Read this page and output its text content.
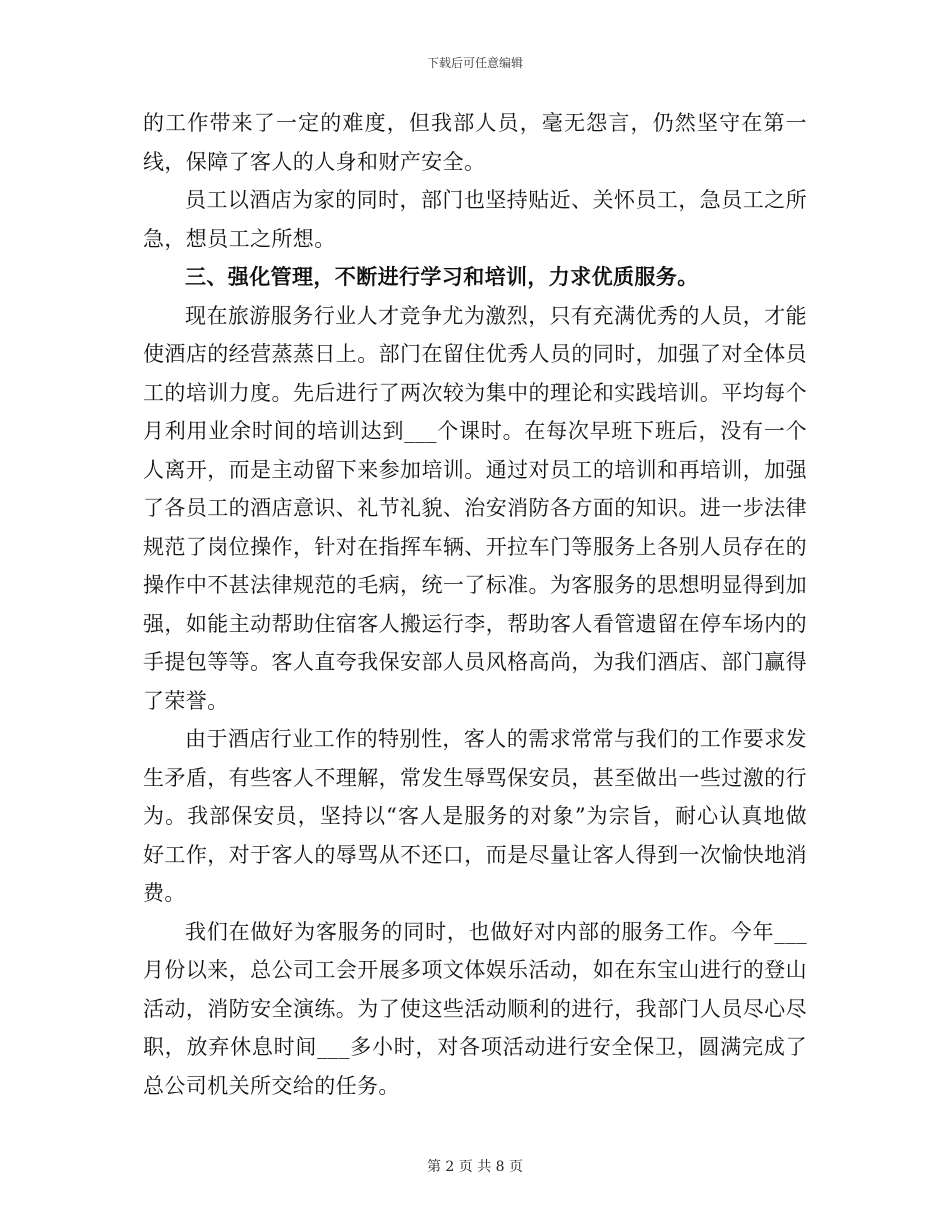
下载后可任意编辑

的工作带来了一定的难度，但我部人员，毫无怨言，仍然坚守在第一线，保障了客人的人身和财产安全。

员工以酒店为家的同时，部门也坚持贴近、关怀员工，急员工之所急，想员工之所想。

三、强化管理，不断进行学习和培训，力求优质服务。

现在旅游服务行业人才竞争尤为激烈，只有充满优秀的人员，才能使酒店的经营蒸蒸日上。部门在留住优秀人员的同时，加强了对全体员工的培训力度。先后进行了两次较为集中的理论和实践培训。平均每个月利用业余时间的培训达到___个课时。在每次早班下班后，没有一个人离开，而是主动留下来参加培训。通过对员工的培训和再培训，加强了各员工的酒店意识、礼节礼貌、治安消防各方面的知识。进一步法律规范了岗位操作，针对在指挥车辆、开拉车门等服务上各别人员存在的操作中不甚法律规范的毛病，统一了标准。为客服务的思想明显得到加强，如能主动帮助住宿客人搬运行李，帮助客人看管遗留在停车场内的手提包等等。客人直夸我保安部人员风格高尚，为我们酒店、部门赢得了荣誉。

由于酒店行业工作的特别性，客人的需求常常与我们的工作要求发生矛盾，有些客人不理解，常发生辱骂保安员，甚至做出一些过激的行为。我部保安员，坚持以“客人是服务的对象”为宗旨，耐心认真地做好工作，对于客人的辱骂从不还口，而是尽量让客人得到一次愉快地消费。

我们在做好为客服务的同时，也做好对内部的服务工作。今年___月份以来，总公司工会开展多项文体娱乐活动，如在东宝山进行的登山活动，消防安全演练。为了使这些活动顺利的进行，我部门人员尽心尽职，放弃休息时间___多小时，对各项活动进行安全保卫，圆满完成了总公司机关所交给的任务。

第 2 页 共 8 页
